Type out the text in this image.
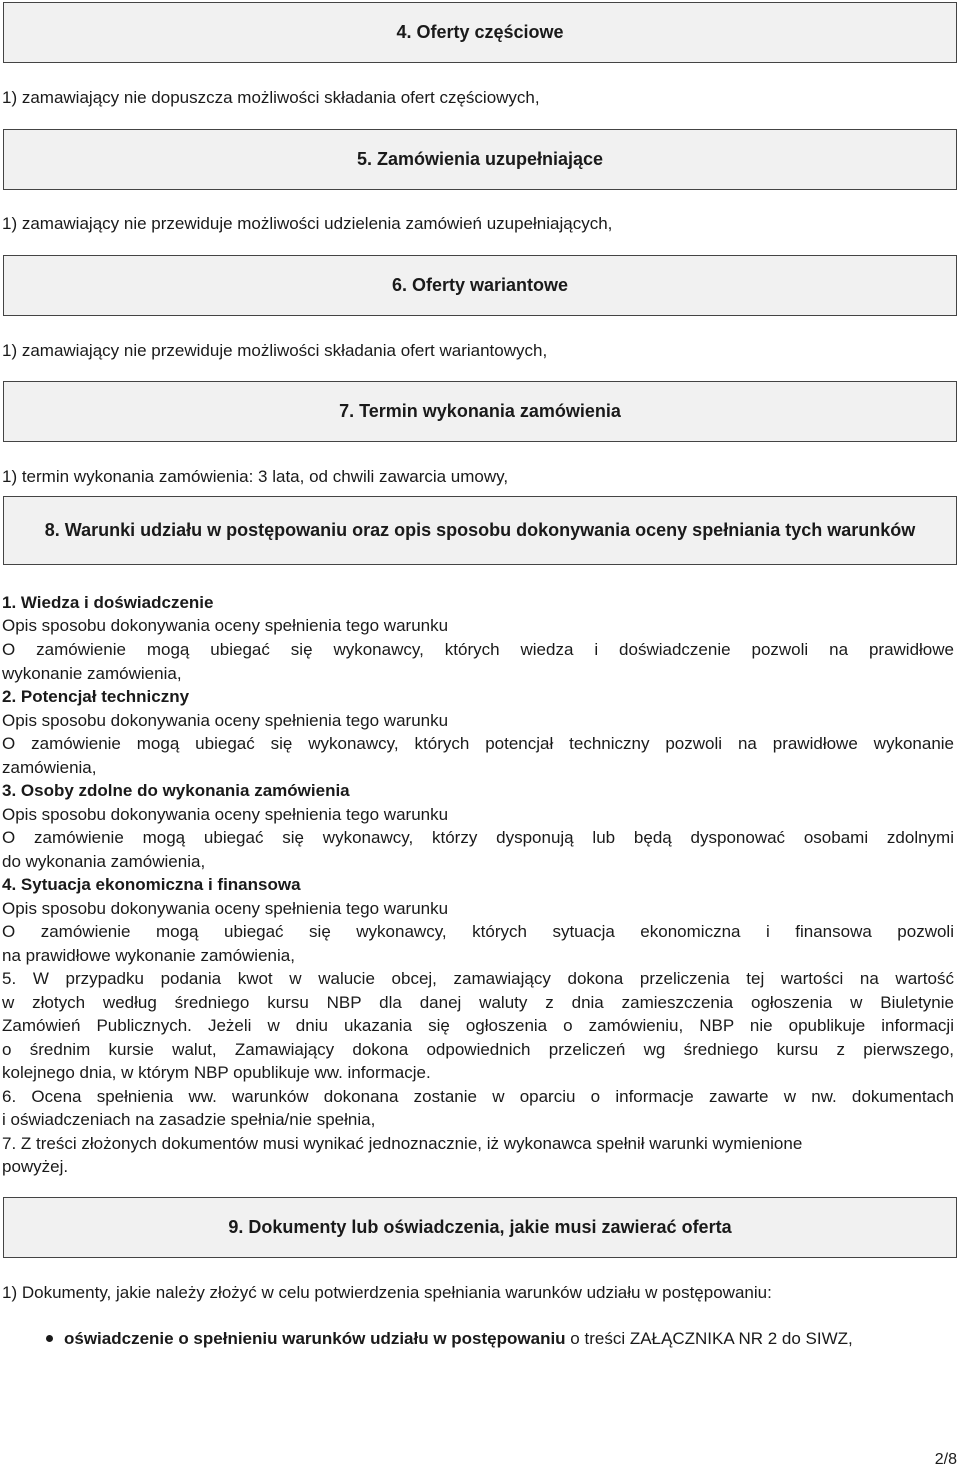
4. Oferty częściowe

1) zamawiający nie dopuszcza możliwości składania ofert częściowych,

5. Zamówienia uzupełniające

1) zamawiający nie przewiduje możliwości udzielenia zamówień uzupełniających,

6. Oferty wariantowe

1) zamawiający nie przewiduje możliwości składania ofert wariantowych,

7. Termin wykonania zamówienia

1) termin wykonania zamówienia: 3 lata, od chwili zawarcia umowy,

8. Warunki udziału w postępowaniu oraz opis sposobu dokonywania oceny spełniania tych warunków

1. Wiedza i doświadczenie

Opis sposobu dokonywania oceny spełnienia tego warunku

O zamówienie mogą ubiegać się wykonawcy, których wiedza i doświadczenie pozwoli na prawidłowe

wykonanie zamówienia,

2. Potencjał techniczny

Opis sposobu dokonywania oceny spełnienia tego warunku

O zamówienie mogą ubiegać się wykonawcy, których potencjał techniczny pozwoli na prawidłowe wykonanie

zamówienia,

3. Osoby zdolne do wykonania zamówienia

Opis sposobu dokonywania oceny spełnienia tego warunku

O zamówienie mogą ubiegać się wykonawcy, którzy dysponują lub będą dysponować osobami zdolnymi

do wykonania zamówienia,

4. Sytuacja ekonomiczna i finansowa

Opis sposobu dokonywania oceny spełnienia tego warunku

O zamówienie mogą ubiegać się wykonawcy, których sytuacja ekonomiczna i finansowa pozwoli

na prawidłowe wykonanie zamówienia,

5. W przypadku podania kwot w walucie obcej, zamawiający dokona przeliczenia tej wartości na wartość

w złotych według średniego kursu NBP dla danej waluty z dnia zamieszczenia ogłoszenia w Biuletynie

Zamówień Publicznych. Jeżeli w dniu ukazania się ogłoszenia o zamówieniu, NBP nie opublikuje informacji

o średnim kursie walut, Zamawiający dokona odpowiednich przeliczeń wg średniego kursu z pierwszego,

kolejnego dnia, w którym NBP opublikuje ww. informacje.

6. Ocena spełnienia ww. warunków dokonana zostanie w oparciu o informacje zawarte w nw. dokumentach

i oświadczeniach na zasadzie spełnia/nie spełnia,

7. Z treści złożonych dokumentów musi wynikać jednoznacznie, iż wykonawca spełnił warunki wymienione

powyżej.

9. Dokumenty lub oświadczenia, jakie musi zawierać oferta

1) Dokumenty, jakie należy złożyć w celu potwierdzenia spełniania warunków udziału w postępowaniu:

oświadczenie o spełnieniu warunków udziału w postępowaniu o treści ZAŁĄCZNIKA NR 2 do SIWZ,
2/8
